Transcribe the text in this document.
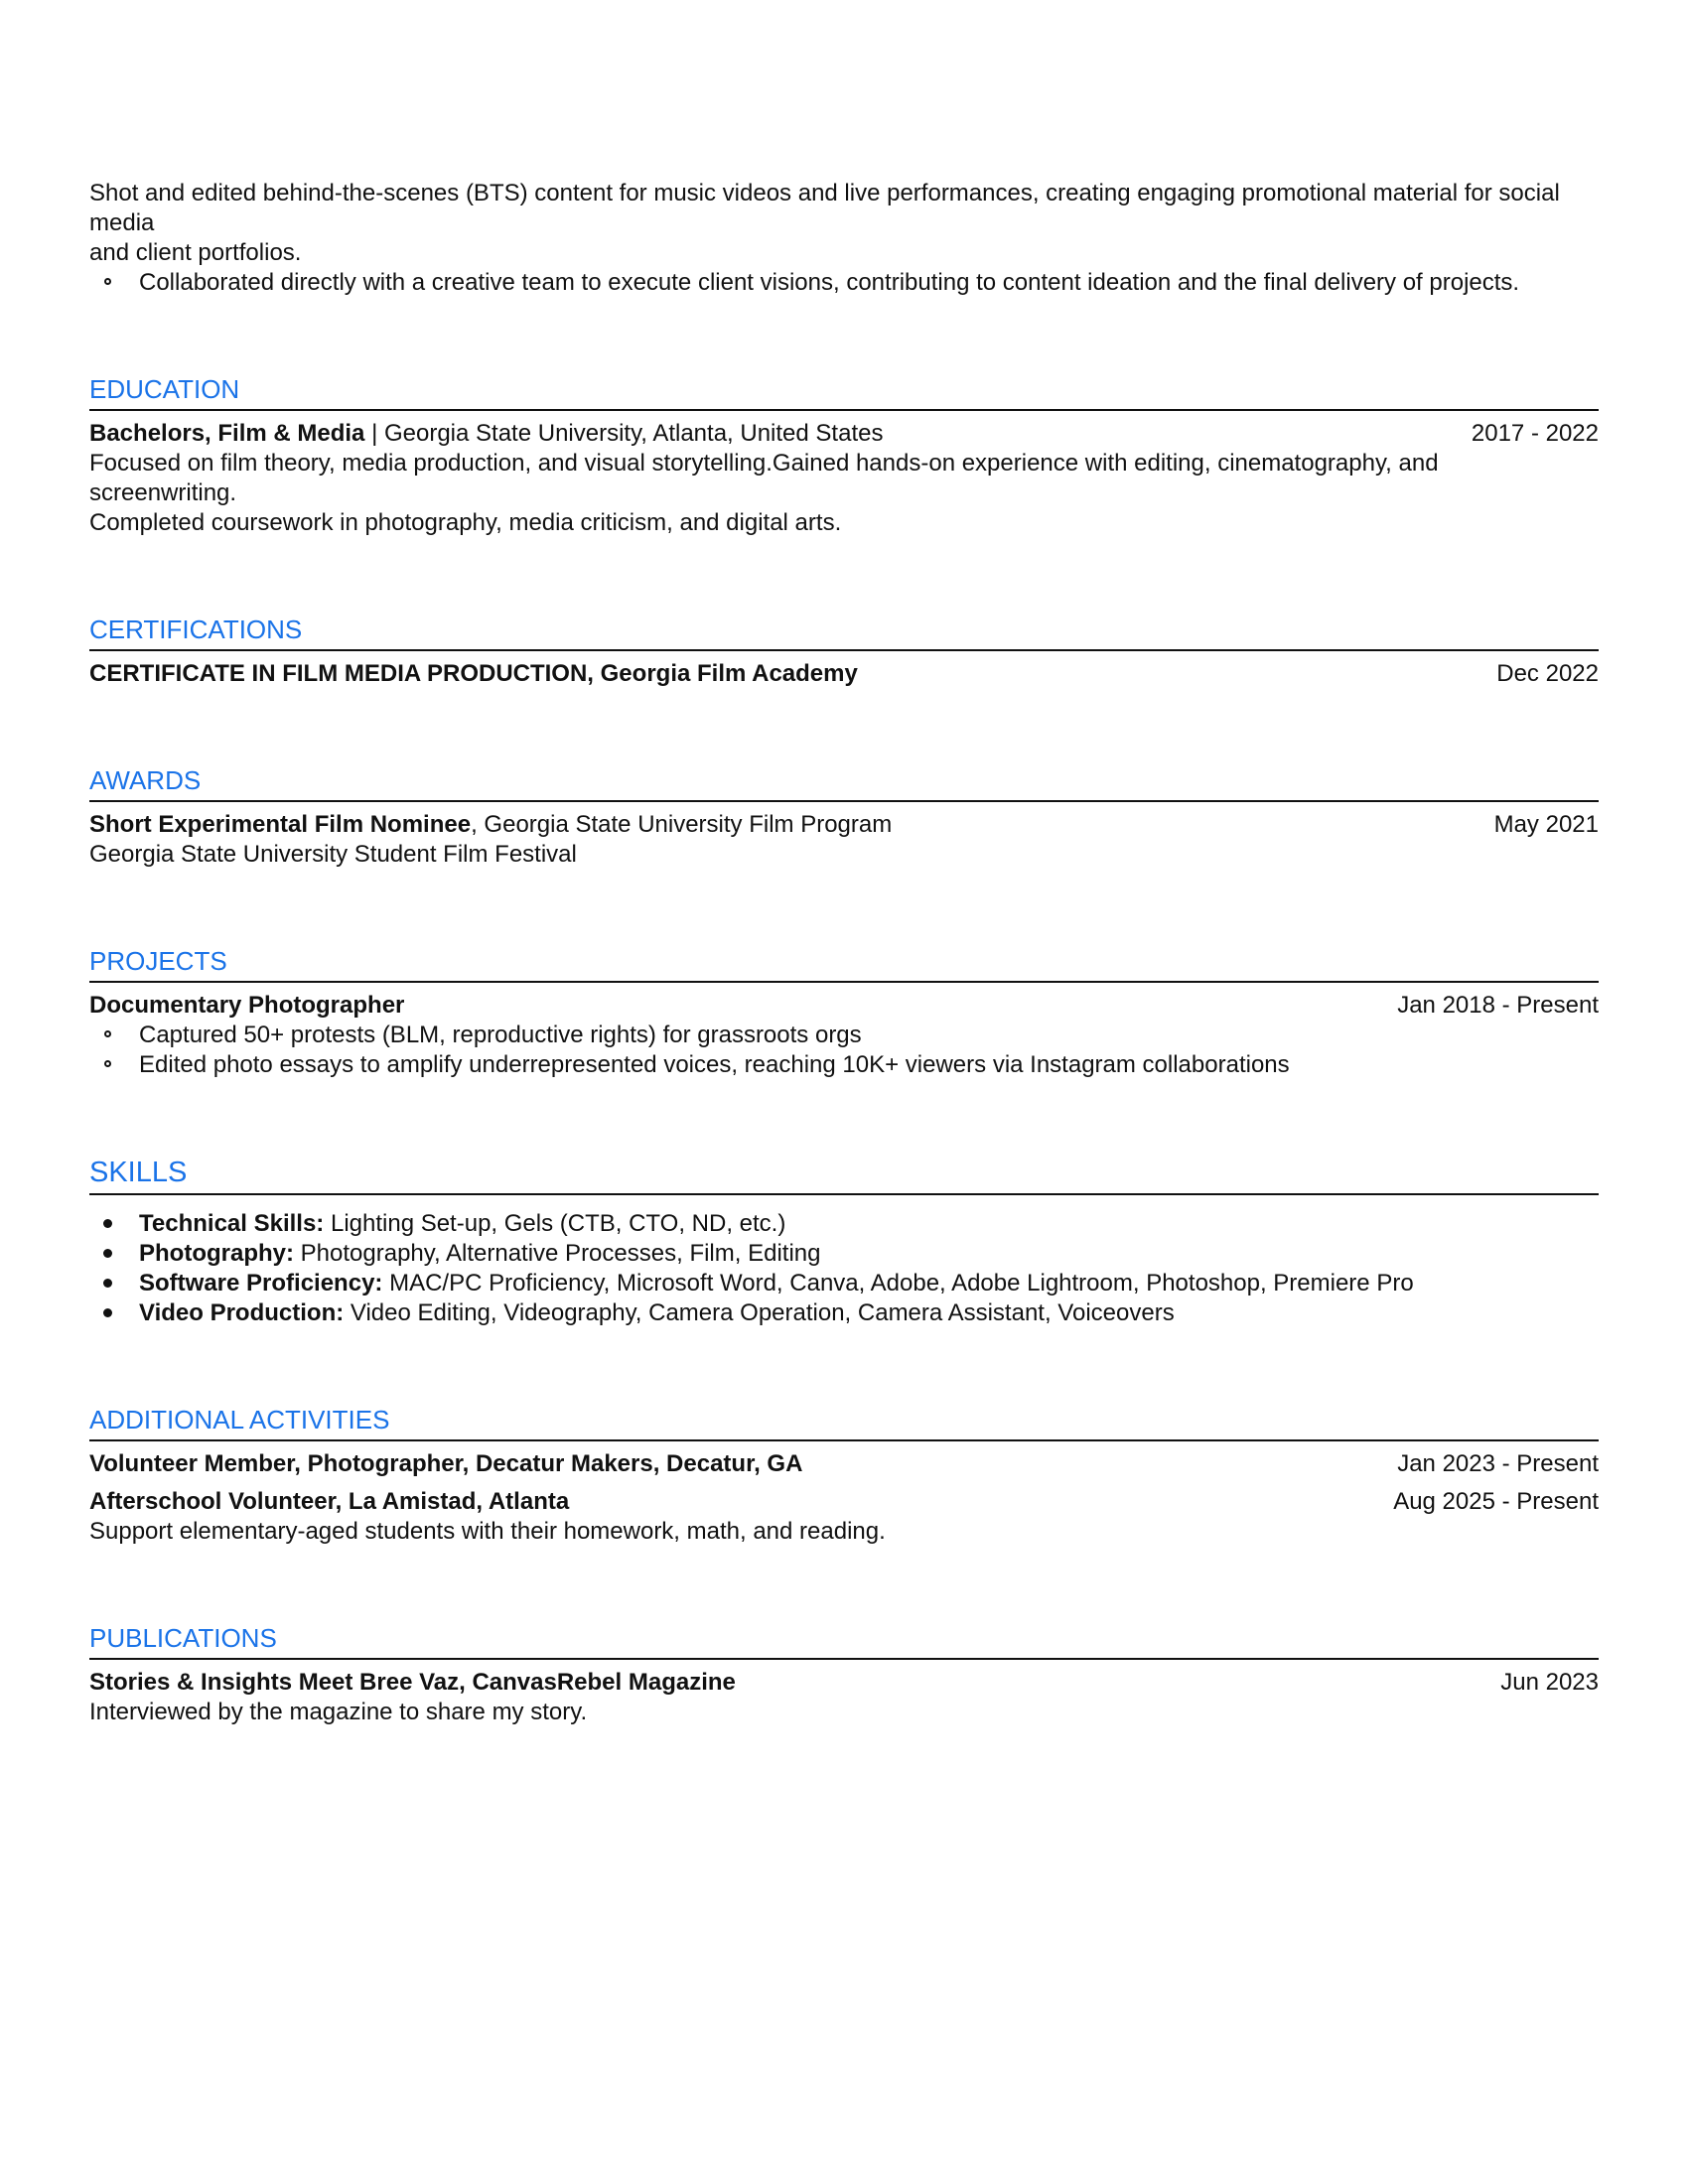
Shot and edited behind-the-scenes (BTS) content for music videos and live performances, creating engaging promotional material for social

media

and client portfolios.

Collaborated directly with a creative team to execute client visions, contributing to content ideation and the final delivery of projects.
EDUCATION
Bachelors, Film & Media | Georgia State University, Atlanta, United States	2017 - 2022

Focused on film theory, media production, and visual storytelling.Gained hands-on experience with editing, cinematography, and

screenwriting.

Completed coursework in photography, media criticism, and digital arts.

CERTIFICATIONS
CERTIFICATE IN FILM MEDIA PRODUCTION, Georgia Film Academy	Dec 2022
AWARDS
Short Experimental Film Nominee, Georgia State University Film Program	May 2021

Georgia State University Student Film Festival

PROJECTS
Documentary Photographer	Jan 2018 - Present
Captured 50+ protests (BLM, reproductive rights) for grassroots orgs
Edited photo essays to amplify underrepresented voices, reaching 10K+ viewers via Instagram collaborations
SKILLS
Technical Skills: Lighting Set-up, Gels (CTB, CTO, ND, etc.)
Photography: Photography, Alternative Processes, Film, Editing
Software Proficiency: MAC/PC Proficiency, Microsoft Word, Canva, Adobe, Adobe Lightroom, Photoshop, Premiere Pro
Video Production: Video Editing, Videography, Camera Operation, Camera Assistant, Voiceovers
ADDITIONAL ACTIVITIES
Volunteer Member, Photographer, Decatur Makers, Decatur, GA	Jan 2023 - Present
Afterschool Volunteer, La Amistad, Atlanta	Aug 2025 - Present

Support elementary-aged students with their homework, math, and reading.

PUBLICATIONS
Stories & Insights Meet Bree Vaz, CanvasRebel Magazine	Jun 2023

Interviewed by the magazine to share my story.
